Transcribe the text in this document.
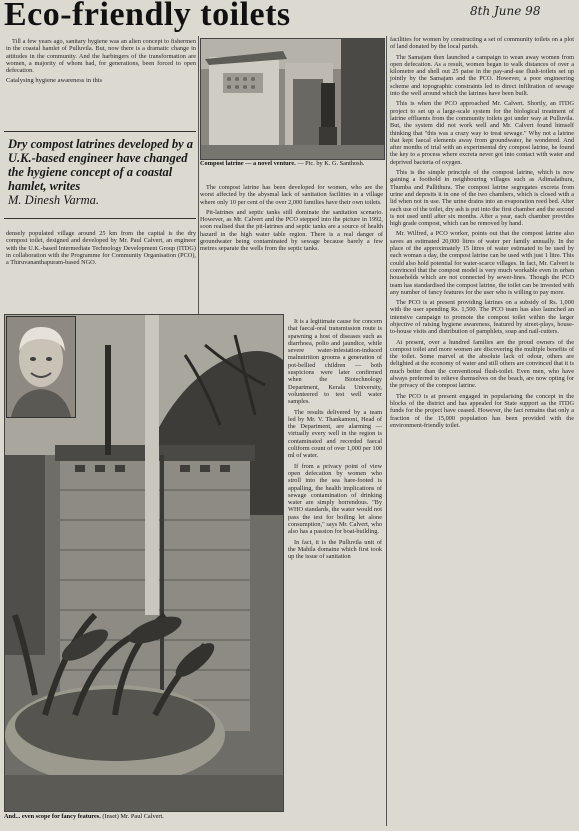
Eco-friendly toilets	8th June 98

Till a few years ago, sanitary hygiene was an alien concept to fishermen in the coastal hamlet of Pulluvila. But, now there is a dramatic change in attitudes in the community. And the harbingers of the transformation are women, a majority of whom had, for generations, been forced to open defecation.

Catalysing hygiene awareness in this
Dry compost latrines developed by a U.K.-based engineer have changed the hygiene concept of a coastal hamlet, writes
M. Dinesh Varma.

densely populated village around 25 km from the capital is the dry compost toilet, designed and developed by Mr. Paul Calvert, an engineer with the U.K.-based Intermediate Technology Development Group (ITDG) in collaboration with the Programme for Community Organisation (PCO), a Thiruvananthapuram-based NGO.

Compost latrine — a novel venture. — Pic. by K. G. Santhosh.

The compost latrine has been developed for women, who are the worst affected by the abysmal lack of sanitation facilities in a village where only 10 per cent of the over 2,000 families have their own toilets.

Pit-latrines and septic tanks still dominate the sanitation scenario. However, as Mr. Calvert and the PCO stepped into the picture in 1992, soon realised that the pit-latrines and septic tanks are a source of health hazard in the high water table region. There is a real danger of groundwater being contaminated by sewage because barely a few metres separate the wells from the septic tanks.

It is a legitimate cause for concern that faecal-oral transmission route is spawning a host of diseases such as diarrhoea, polio and jaundice, while severe water-infestation-induced malnutrition grooms a generation of pot-bellied children — both suspicions were later confirmed when the Biotechnology Department, Kerala University, volunteered to test well water samples.

The results delivered by a team led by Mr. V. Thankamoni, Head of the Department, are alarming — virtually every well in the region is contaminated and recorded faecal coliform count of over 1,000 per 100 ml of water.

If from a privacy point of view open defecation by women who stroll into the sea hare-footed is appalling, the health implications of sewage contamination of drinking water are simply horrendous. "By WHO standards, the water would not pass the test for boiling let alone consumption," says Mr. Calvert, who also has a passion for boat-building.

In fact, it is the Pulluvila unit of the Mahila domaine which first took up the issue of sanitation

And... even scope for fancy features. (Inset) Mr. Paul Calvert.

facilities for women by constructing a set of community toilets on a plot of land donated by the local parish.

The Samajam then launched a campaign to wean away women from open defecation. As a result, women began to walk distances of over a kilometre and shell out 25 paise in the pay-and-use flush-toilets set up jointly by the Samajam and the PCO. However, a poor engineering scheme and topographic constraints led to direct infiltration of sewage into the well around which the latrines have been built.

This is when the PCO approached Mr. Calvert. Shortly, an ITDG project to set up a large-scale system for the biological treatment of latrine effluents from the community toilets got under way at Pulluvila. But, the system did not work well and Mr. Calvert found himself thinking that "this was a crazy way to treat sewage." Why not a latrine that kept faecal elements away from groundwater, he wondered. And after months of trial with an experimental dry compost latrine, he found the key to a process where excreta never got into contact with water and deprived bacteria of oxygen.

This is the simple principle of the compost latrine, which is now gaining a foothold in neighbouring villages such as Adimalathura, Thumba and Pallithura. The compost latrine segregates excreta from urine and deposits it in one of the two chambers, which is closed with a lid when not in use. The urine drains into an evaporation reed bed. After each use of the toilet, dry ash is put into the first chamber and the second is not used until after six months. After a year, each chamber provides high grade compost, which can be removed by hand.

Mr. Wilfred, a PCO worker, points out that the compost latrine also saves an estimated 20,000 litres of water per family annually. In the place of the approximately 15 litres of water estimated to be used by each woman a day, the compost latrine can be used with just 1 litre. This could also hold potential for water-scarce villages. In fact, Mr. Calvert is convinced that the compost model is very much workable even in urban households which are not connected by sewer-lines. Though the PCO team has standardised the compost latrine, the toilet can be invested with any number of fancy features for the user who is willing to pay more.

The PCO is at present providing latrines on a subsidy of Rs. 1,000 with the user spending Rs. 1,500. The PCO team has also launched an intensive campaign to promote the compost toilet within the larger objective of raising hygiene awareness, featured by street-plays, house-to-house visits and distribution of pamphlets, soap and nail-cutters.

At present, over a hundred families are the proud owners of the compost toilet and more women are discovering the multiple benefits of the toilet. Some marvel at the absolute lack of odour, others are delighted at the economy of water and still others are convinced that it is much better than the conventional flush-toilet. Even men, who have always preferred to relieve themselves on the beach, are now opting for the privacy of the compost latrine.

The PCO is at present engaged in popularising the concept in the blocks of the district and has appealed for State support as the ITDG funds for the project have ceased. However, the fact remains that only a fraction of the 15,000 population has been provided with the environment-friendly toilet.
